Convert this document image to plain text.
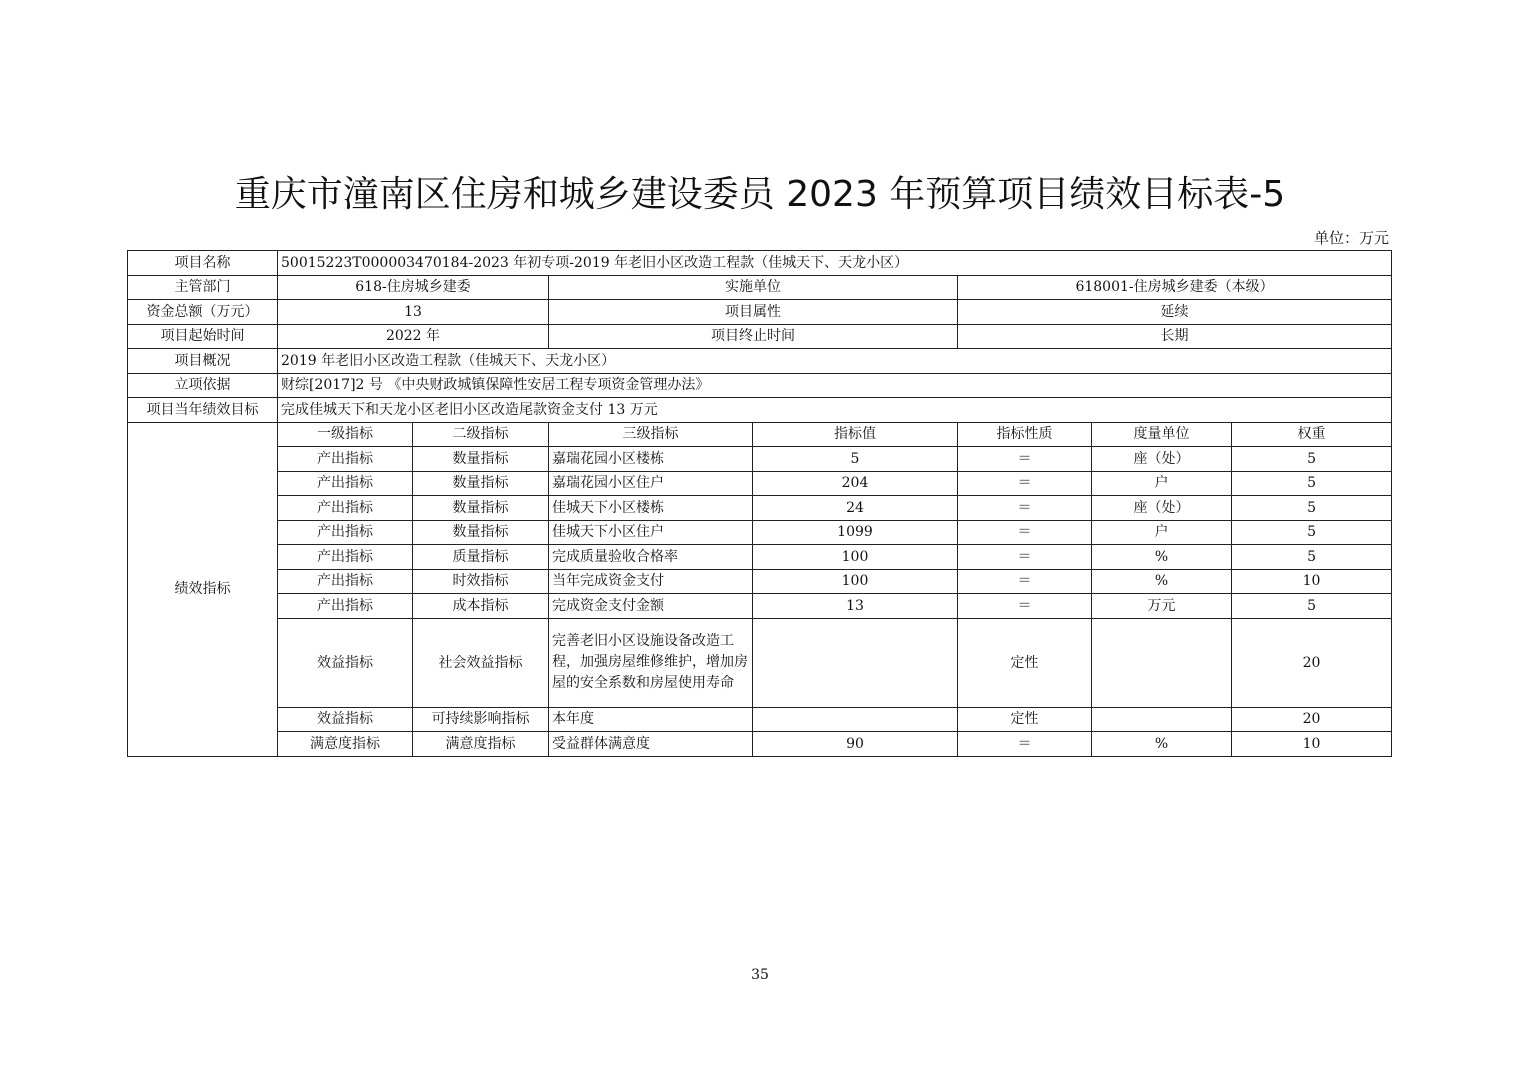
重庆市潼南区住房和城乡建设委员 2023 年预算项目绩效目标表-5
单位：万元
项目名称	50015223T000003470184-2023 年初专项-2019 年老旧小区改造工程款（佳城天下、天龙小区）						
主管部门	618-住房城乡建委		实施单位		618001-住房城乡建委（本级）		
资金总额（万元）	13		项目属性		延续		
项目起始时间	2022 年		项目终止时间		长期		
项目概况	2019 年老旧小区改造工程款（佳城天下、天龙小区）						
立项依据	财综[2017]2 号 《中央财政城镇保障性安居工程专项资金管理办法》						
项目当年绩效目标	完成佳城天下和天龙小区老旧小区改造尾款资金支付 13 万元						
绩效指标	一级指标	二级指标	三级指标	指标值	指标性质	度量单位	权重
	产出指标	数量指标	嘉瑞花园小区楼栋	5	＝	座（处）	5
	产出指标	数量指标	嘉瑞花园小区住户	204	＝	户	5
	产出指标	数量指标	佳城天下小区楼栋	24	＝	座（处）	5
	产出指标	数量指标	佳城天下小区住户	1099	＝	户	5
	产出指标	质量指标	完成质量验收合格率	100	＝	%	5
	产出指标	时效指标	当年完成资金支付	100	＝	%	10
	产出指标	成本指标	完成资金支付金额	13	＝	万元	5
	效益指标	社会效益指标	完善老旧小区设施设备改造工程，加强房屋维修维护，增加房屋的安全系数和房屋使用寿命		定性		20
	效益指标	可持续影响指标	本年度		定性		20
	满意度指标	满意度指标	受益群体满意度	90	＝	%	10
35
